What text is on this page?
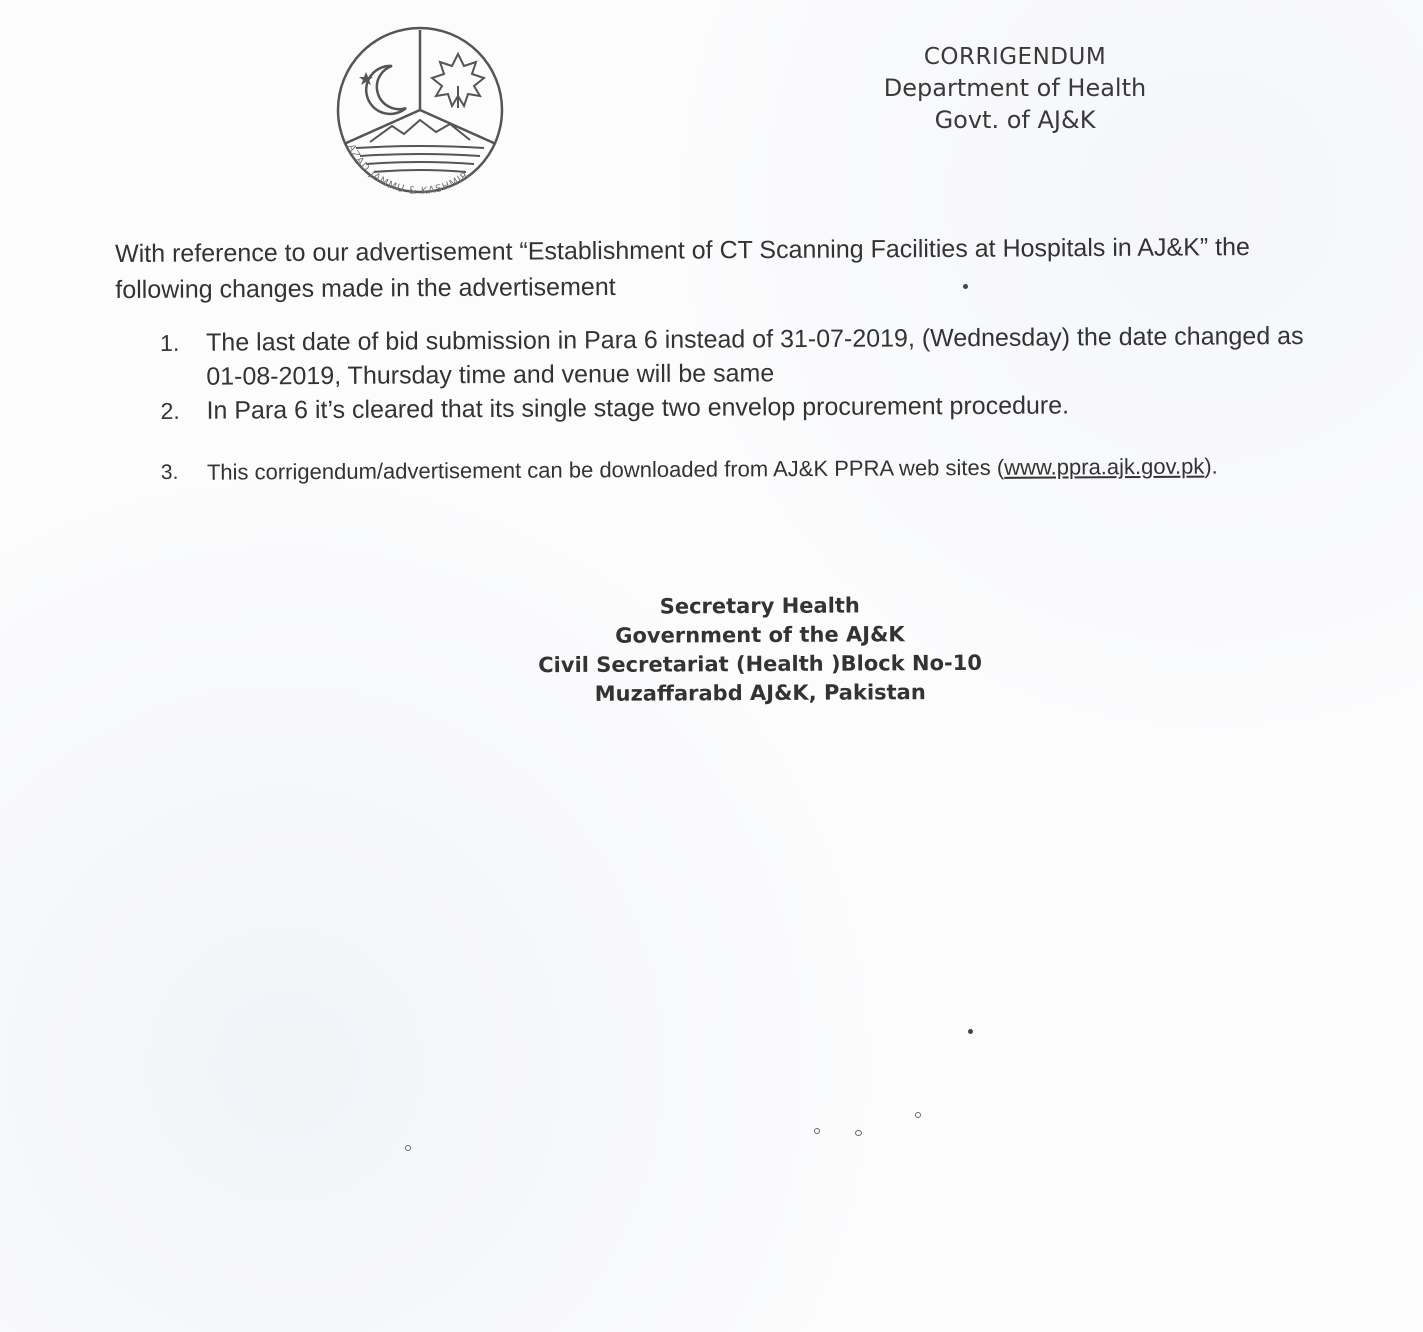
AZAD JAMMU & KASHMIR
CORRIGENDUM
Department of Health
Govt. of AJ&K
With reference to our advertisement “Establishment of CT Scanning Facilities at Hospitals in AJ&K” the following changes made in the advertisement
1. The last date of bid submission in Para 6 instead of 31-07-2019, (Wednesday) the date changed as 01-08-2019, Thursday time and venue will be same
2. In Para 6 it’s cleared that its single stage two envelop procurement procedure.
3. This corrigendum/advertisement can be downloaded from AJ&K PPRA web sites (www.ppra.ajk.gov.pk).
Secretary Health
Government of the AJ&K
Civil Secretariat (Health )Block No-10
Muzaffarabd AJ&K, Pakistan
